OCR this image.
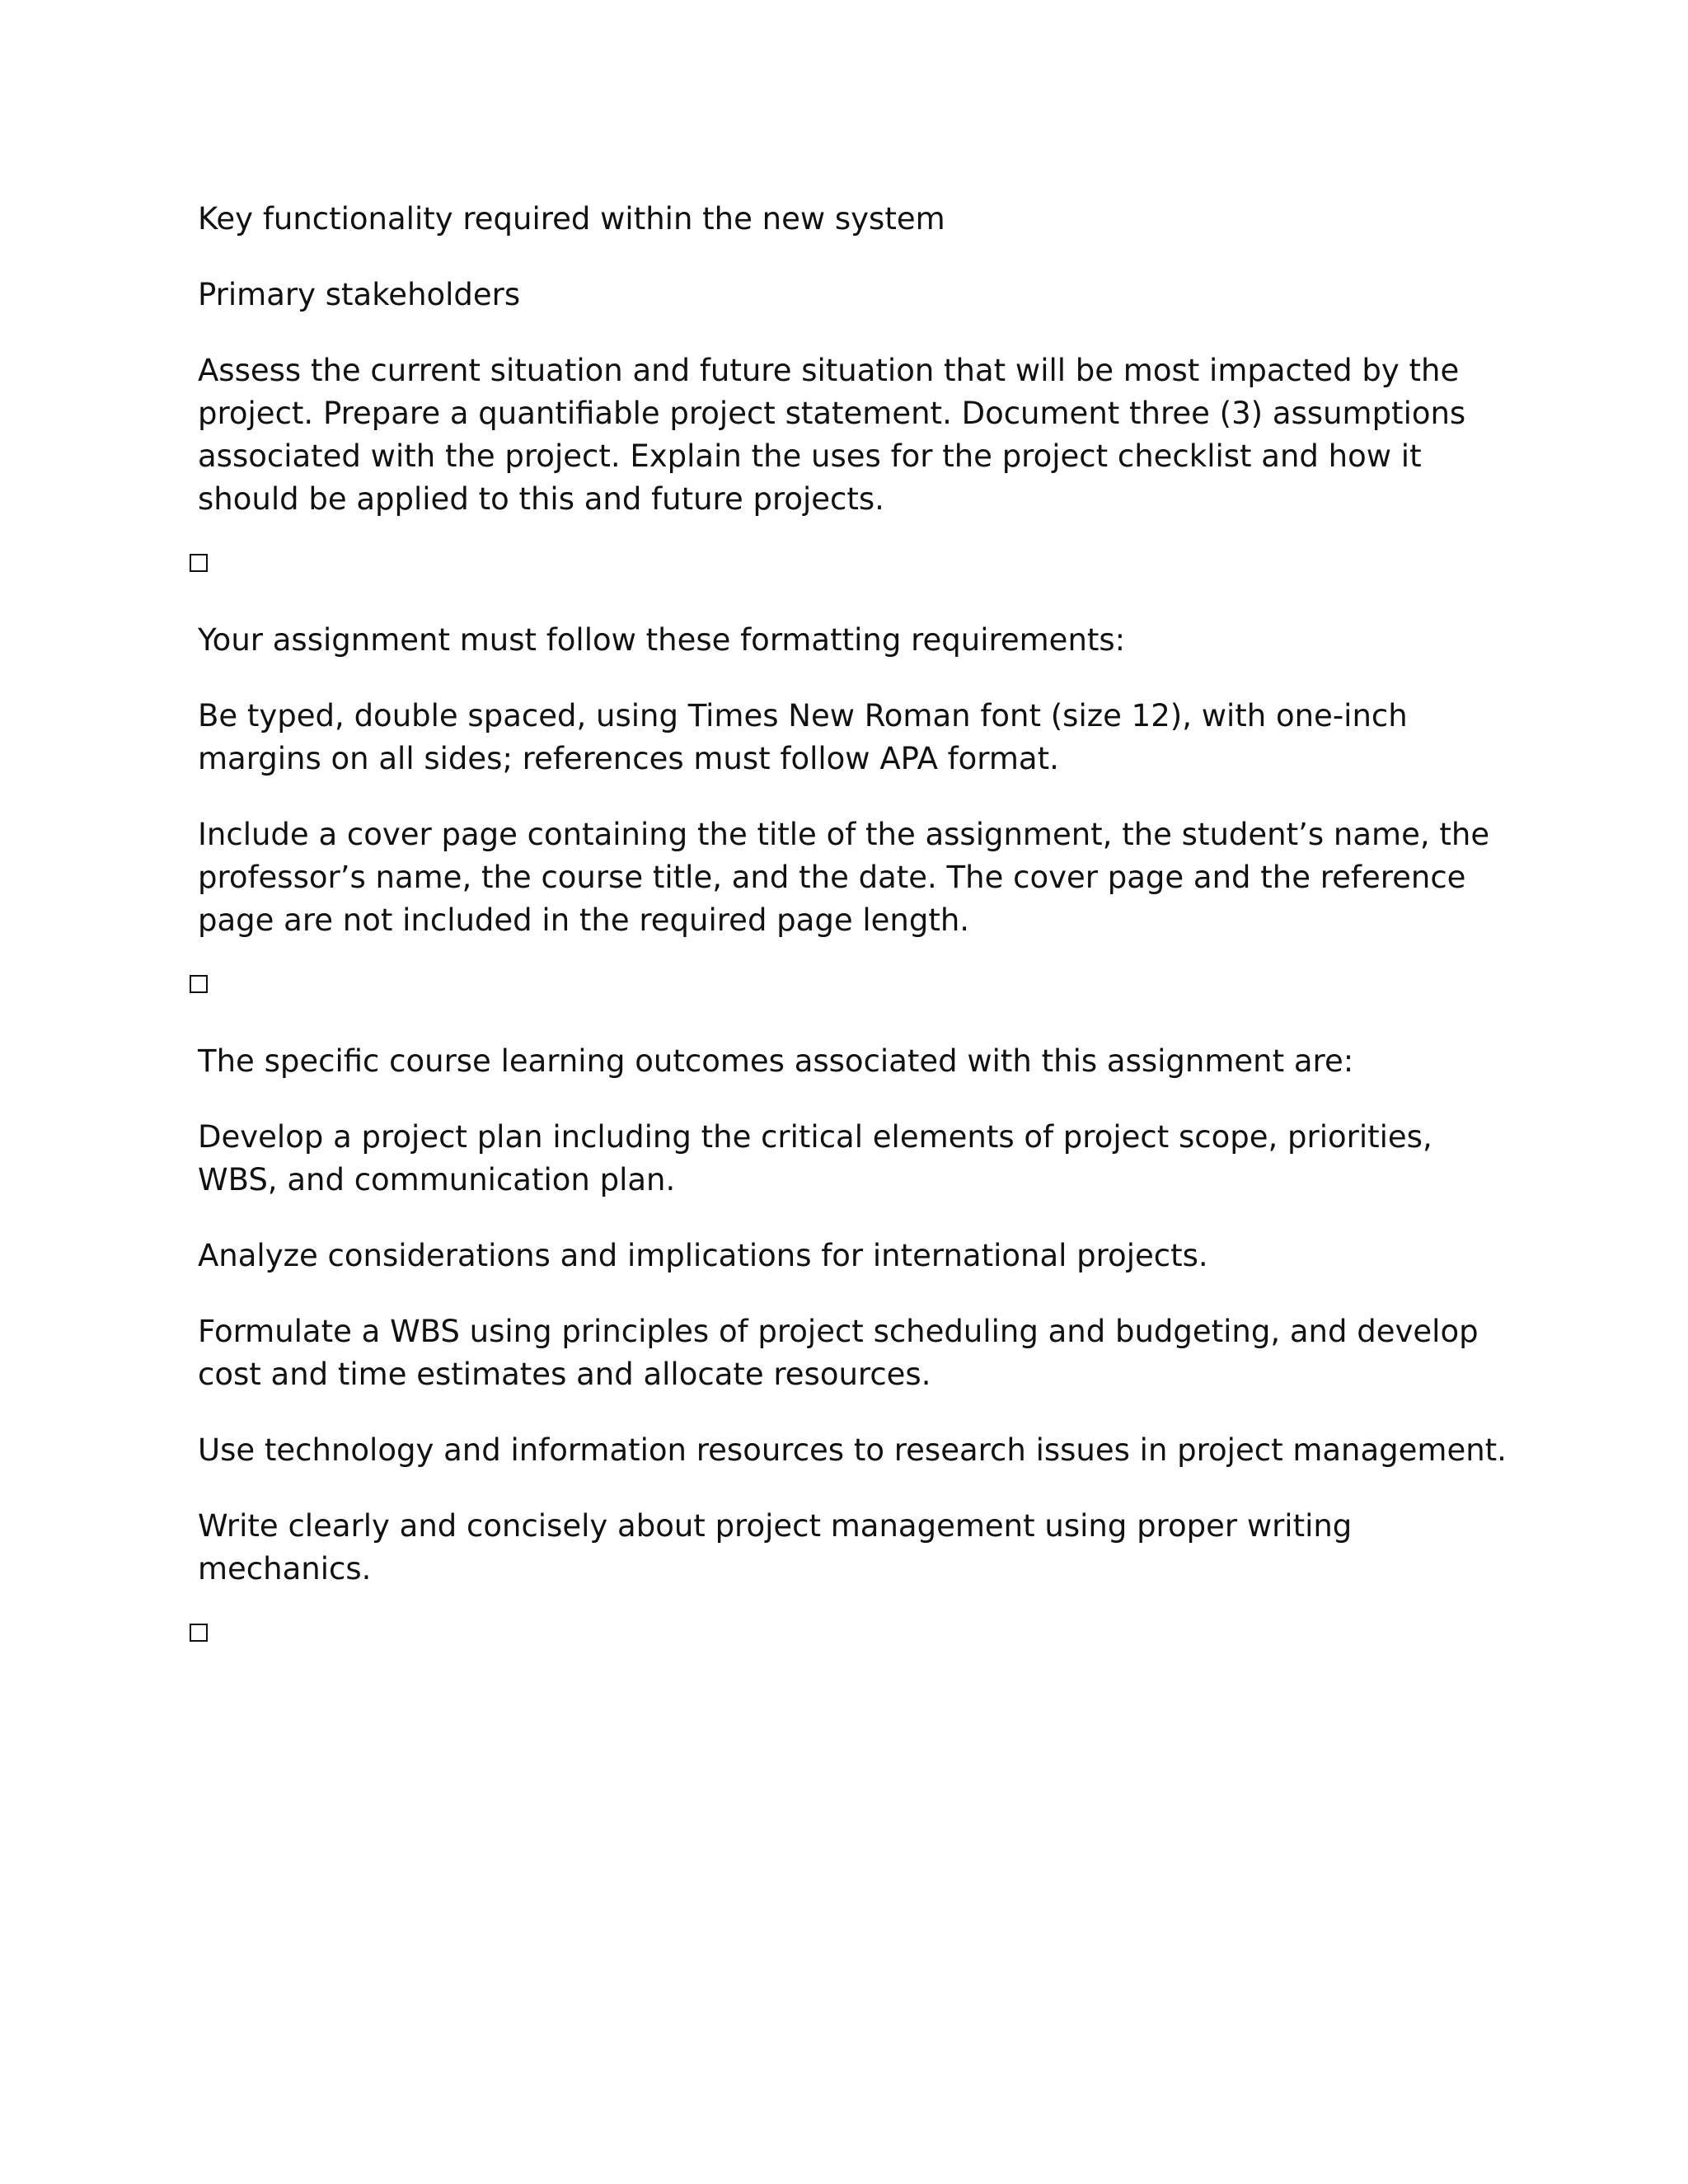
Key functionality required within the new system

Primary stakeholders

Assess the current situation and future situation that will be most impacted by the project. Prepare a quantifiable project statement. Document three (3) assumptions associated with the project. Explain the uses for the project checklist and how it should be applied to this and future projects.

Your assignment must follow these formatting requirements:

Be typed, double spaced, using Times New Roman font (size 12), with one-inch margins on all sides; references must follow APA format.

Include a cover page containing the title of the assignment, the student’s name, the professor’s name, the course title, and the date. The cover page and the reference page are not included in the required page length.

The specific course learning outcomes associated with this assignment are:

Develop a project plan including the critical elements of project scope, priorities, WBS, and communication plan.

Analyze considerations and implications for international projects.

Formulate a WBS using principles of project scheduling and budgeting, and develop cost and time estimates and allocate resources.

Use technology and information resources to research issues in project management.

Write clearly and concisely about project management using proper writing mechanics.
